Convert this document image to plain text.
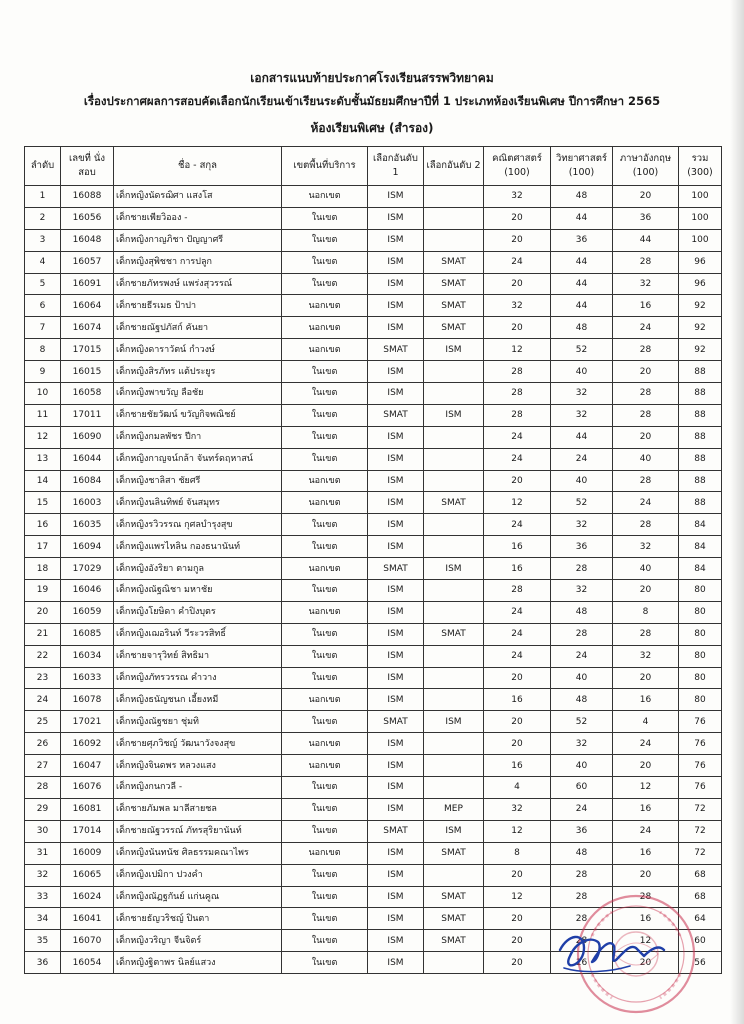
เอกสารแนบท้ายประกาศโรงเรียนสรรพวิทยาคม
เรื่องประกาศผลการสอบคัดเลือกนักเรียนเข้าเรียนระดับชั้นมัธยมศึกษาปีที่ 1 ประเภทห้องเรียนพิเศษ ปีการศึกษา 2565
ห้องเรียนพิเศษ (สำรอง)
ลำดับ	เลขที่ นั่งสอบ	ชื่อ - สกุล	เขตพื้นที่บริการ	เลือกอันดับ 1	เลือกอันดับ 2	คณิตศาสตร์ (100)	วิทยาศาสตร์ (100)	ภาษาอังกฤษ (100)	รวม (300)
1	16088	เด็กหญิงนัดรฌิศา แสงโส	นอกเขต	ISM		32	48	20	100
2	16056	เด็กชายเพียวิออง -	ในเขต	ISM		20	44	36	100
3	16048	เด็กหญิงกาญภิชา ปัญญาศรี	ในเขต	ISM		20	36	44	100
4	16057	เด็กหญิงสุพิชชา การปลูก	ในเขต	ISM	SMAT	24	44	28	96
5	16091	เด็กชายภัทรพงษ์ แพร่งสุวรรณ์	ในเขต	ISM	SMAT	20	44	32	96
6	16064	เด็กชายธีรเมธ ป้าปา	นอกเขต	ISM	SMAT	32	44	16	92
7	16074	เด็กชายณัฐปภัสก์ คันยา	นอกเขต	ISM	SMAT	20	48	24	92
8	17015	เด็กหญิงดาราวัตน์ กำวงษ์	นอกเขต	SMAT	ISM	12	52	28	92
9	16015	เด็กหญิงสิรภัทร แต้ประยูร	ในเขต	ISM		28	40	20	88
10	16058	เด็กหญิงพาขวัญ ลือชัย	ในเขต	ISM		28	32	28	88
11	17011	เด็กชายชัยวัฒน์ ขวัญกิจพณิชย์	ในเขต	SMAT	ISM	28	32	28	88
12	16090	เด็กหญิงกมลพัชร ปีกา	ในเขต	ISM		24	44	20	88
13	16044	เด็กหญิงกาญจน์กล้า จันทร์ดฤหาสน์	ในเขต	ISM		24	24	40	88
14	16084	เด็กหญิงชาลิสา ชัยศรี	นอกเขต	ISM		20	40	28	88
15	16003	เด็กหญิงนลินทิพย์ จันสมุทร	นอกเขต	ISM	SMAT	12	52	24	88
16	16035	เด็กหญิงรวิวรรณ กุศลบำรุงสุข	ในเขต	ISM		24	32	28	84
17	16094	เด็กหญิงแพรไหลิน กองธนานันท์	ในเขต	ISM		16	36	32	84
18	17029	เด็กหญิงอังริยา ตามกูล	นอกเขต	SMAT	ISM	16	28	40	84
19	16046	เด็กหญิงณัฐณิชา มหาชัย	ในเขต	ISM		28	32	20	80
20	16059	เด็กหญิงโยษิดา คำปิงบุตร	นอกเขต	ISM		24	48	8	80
21	16085	เด็กหญิงเฌอรินท์ วีระวรสิทธิ์	ในเขต	ISM	SMAT	24	28	28	80
22	16034	เด็กชายจารุวิทย์ สิทธิมา	ในเขต	ISM		24	24	32	80
23	16033	เด็กหญิงภัทรวรรณ คำวาง	ในเขต	ISM		20	40	20	80
24	16078	เด็กหญิงธนัญชนก เอี้ยงหมี	นอกเขต	ISM		16	48	16	80
25	17021	เด็กหญิงณัฐชยา ชุ่มทิ	ในเขต	SMAT	ISM	20	52	4	76
26	16092	เด็กชายศุภวิชญ์ วัฒนาวังจงสุข	นอกเขต	ISM		20	32	24	76
27	16047	เด็กหญิงจินดพร หลวงแสง	นอกเขต	ISM		16	40	20	76
28	16076	เด็กหญิงกนกวลี -	ในเขต	ISM		4	60	12	76
29	16081	เด็กชายภัมพล มาลีสายชล	ในเขต	ISM	MEP	32	24	16	72
30	17014	เด็กชายณัฐวรรณ์ ภัทรสุริยานันท์	ในเขต	SMAT	ISM	12	36	24	72
31	16009	เด็กหญิงนันทนัช ศิลธรรมคณาไพร	นอกเขต	ISM	SMAT	8	48	16	72
32	16065	เด็กหญิงเปมิกา ปวงคำ	ในเขต	ISM		20	28	20	68
33	16024	เด็กหญิงณัฏฐกันย์ แก่นคูณ	ในเขต	ISM	SMAT	12	28	28	68
34	16041	เด็กชายธัญวริชญ์ ปินตา	ในเขต	ISM	SMAT	20	28	16	64
35	16070	เด็กหญิงวริญา จีนจิตร์	ในเขต	ISM	SMAT	20	28	12	60
36	16054	เด็กหญิงฐิตาพร นิลย์แสวง	ในเขต	ISM		20	16	20	56
